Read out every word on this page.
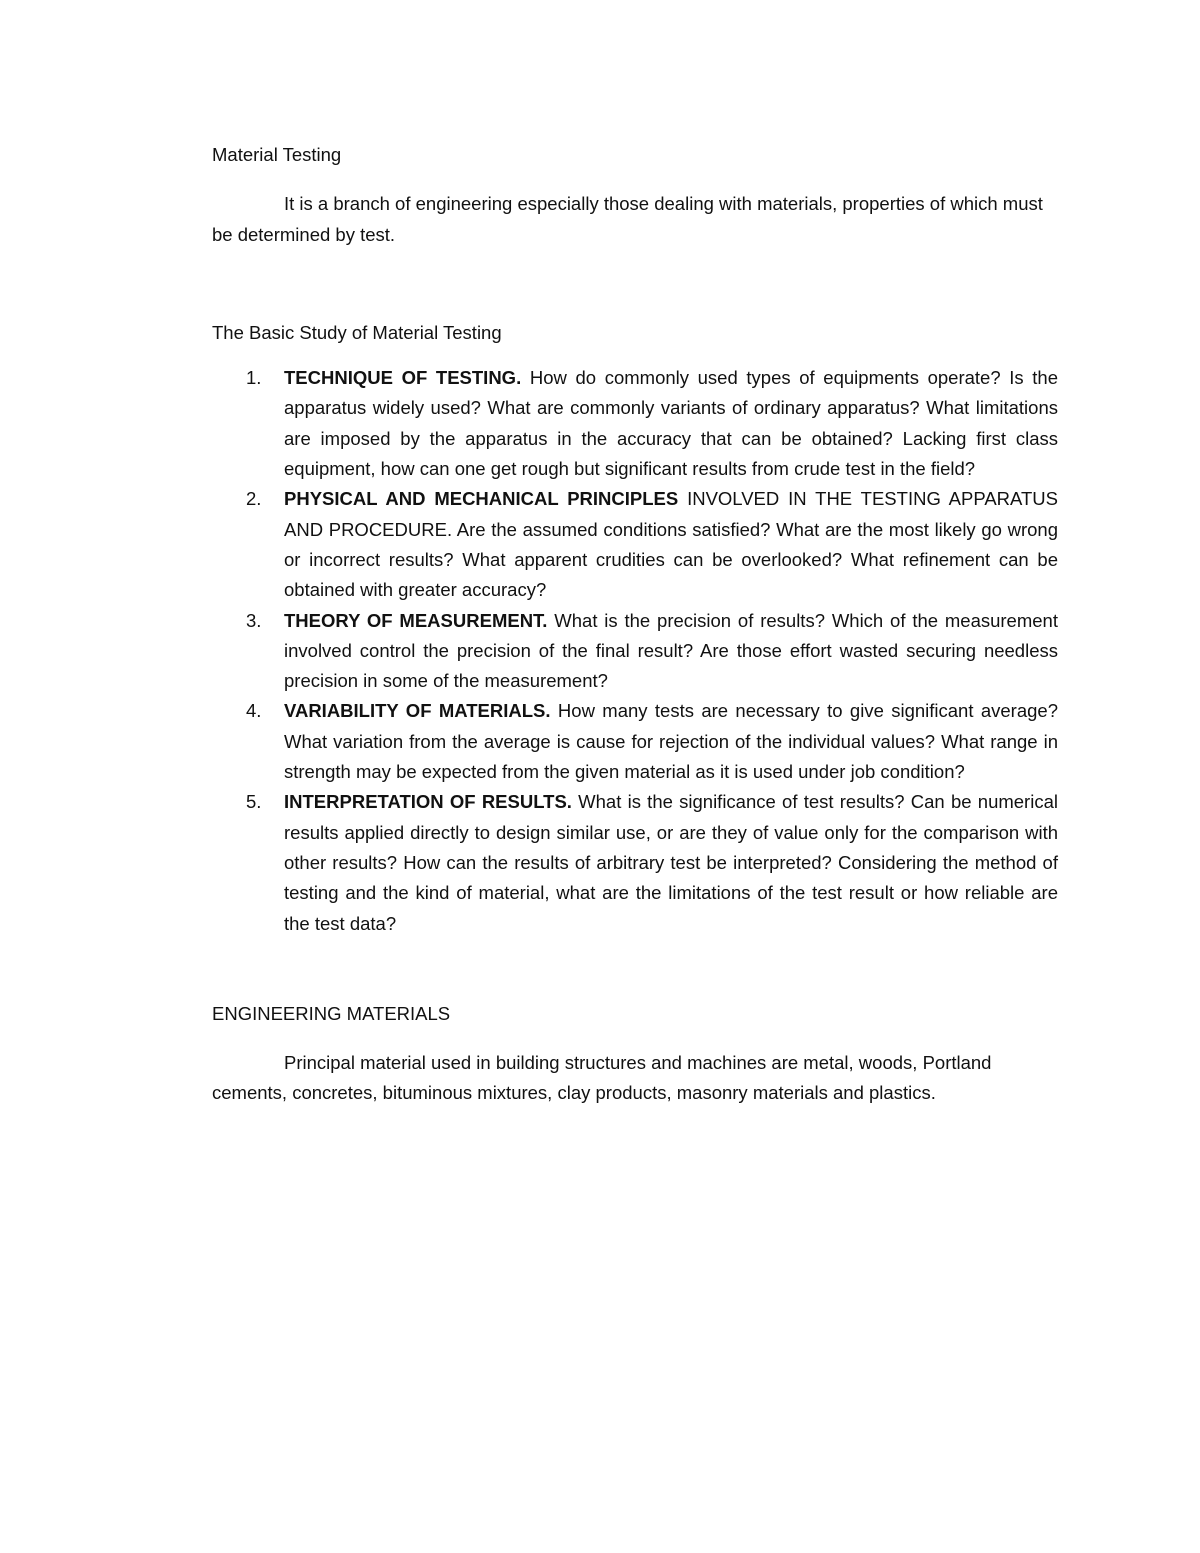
Material Testing

It is a branch of engineering especially those dealing with materials, properties of which must be determined by test.

The Basic Study of Material Testing

1. TECHNIQUE OF TESTING. How do commonly used types of equipments operate? Is the apparatus widely used? What are commonly variants of ordinary apparatus? What limitations are imposed by the apparatus in the accuracy that can be obtained? Lacking first class equipment, how can one get rough but significant results from crude test in the field?
2. PHYSICAL AND MECHANICAL PRINCIPLES INVOLVED IN THE TESTING APPARATUS AND PROCEDURE. Are the assumed conditions satisfied? What are the most likely go wrong or incorrect results? What apparent crudities can be overlooked? What refinement can be obtained with greater accuracy?
3. THEORY OF MEASUREMENT. What is the precision of results? Which of the measurement involved control the precision of the final result? Are those effort wasted securing needless precision in some of the measurement?
4. VARIABILITY OF MATERIALS. How many tests are necessary to give significant average? What variation from the average is cause for rejection of the individual values? What range in strength may be expected from the given material as it is used under job condition?
5. INTERPRETATION OF RESULTS. What is the significance of test results? Can be numerical results applied directly to design similar use, or are they of value only for the comparison with other results? How can the results of arbitrary test be interpreted? Considering the method of testing and the kind of material, what are the limitations of the test result or how reliable are the test data?

ENGINEERING MATERIALS

Principal material used in building structures and machines are metal, woods, Portland cements, concretes, bituminous mixtures, clay products, masonry materials and plastics.
